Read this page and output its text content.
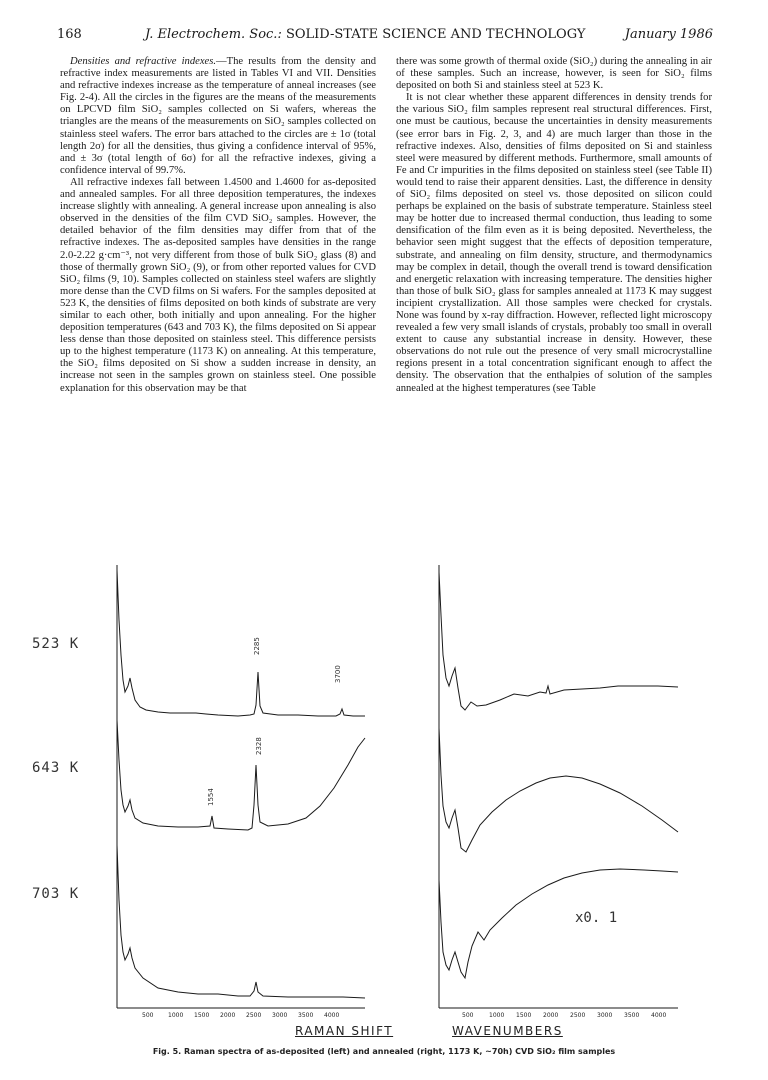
168	J. Electrochem. Soc.: SOLID-STATE SCIENCE AND TECHNOLOGY	January 1986

Densities and refractive indexes.—The results from the density and refractive index measurements are listed in Tables VI and VII. Densities and refractive indexes increase as the temperature of anneal increases (see Fig. 2-4). All the circles in the figures are the means of the measurements on LPCVD film SiO₂ samples collected on Si wafers, whereas the triangles are the means of the measurements on SiO₂ samples collected on stainless steel wafers. The error bars attached to the circles are ± 1σ (total length 2σ) for all the densities, thus giving a confidence interval of 95%, and ± 3σ (total length of 6σ) for all the refractive indexes, giving a confidence interval of 99.7%.

All refractive indexes fall between 1.4500 and 1.4600 for as-deposited and annealed samples. For all three deposition temperatures, the indexes increase slightly with annealing. A general increase upon annealing is also observed in the densities of the film CVD SiO₂ samples. However, the detailed behavior of the film densities may differ from that of the refractive indexes. The as-deposited samples have densities in the range 2.0-2.22 g·cm⁻³, not very different from those of bulk SiO₂ glass (8) and those of thermally grown SiO₂ (9), or from other reported values for CVD SiO₂ films (9, 10). Samples collected on stainless steel wafers are slightly more dense than the CVD films on Si wafers. For the samples deposited at 523 K, the densities of films deposited on both kinds of substrate are very similar to each other, both initially and upon annealing. For the higher deposition temperatures (643 and 703 K), the films deposited on Si appear less dense than those deposited on stainless steel. This difference persists up to the highest temperature (1173 K) on annealing. At this temperature, the SiO₂ films deposited on Si show a sudden increase in density, an increase not seen in the samples grown on stainless steel. One possible explanation for this observation may be that

there was some growth of thermal oxide (SiO₂) during the annealing in air of these samples. Such an increase, however, is seen for SiO₂ films deposited on both Si and stainless steel at 523 K.

It is not clear whether these apparent differences in density trends for the various SiO₂ film samples represent real structural differences. First, one must be cautious, because the uncertainties in density measurements (see error bars in Fig. 2, 3, and 4) are much larger than those in the refractive indexes. Also, densities of films deposited on Si and stainless steel were measured by different methods. Furthermore, small amounts of Fe and Cr impurities in the films deposited on stainless steel (see Table II) would tend to raise their apparent densities. Last, the difference in density of SiO₂ films deposited on steel vs. those deposited on silicon could perhaps be explained on the basis of substrate temperature. Stainless steel may be hotter due to increased thermal conduction, thus leading to some densification of the film even as it is being deposited. Nevertheless, the behavior seen might suggest that the effects of deposition temperature, substrate, and annealing on film density, structure, and thermodynamics may be complex in detail, though the overall trend is toward densification and energetic relaxation with increasing temperature. The densities higher than those of bulk SiO₂ glass for samples annealed at 1173 K may suggest incipient crystallization. All those samples were checked for crystals. None was found by x-ray diffraction. However, reflected light microscopy revealed a few very small islands of crystals, probably too small in overall extent to cause any substantial increase in density. However, these observations do not rule out the presence of very small microcrystalline regions present in a total concentration significant enough to affect the density. The observation that the enthalpies of solution of the samples annealed at the highest temperatures (see Table

523 K
643 K
703 K
2285
3700
2328
1554
x0. 1
500 1000 1500 2000 2500 3000 3500 4000	500	1000 1500 2000 2500 3000 3500 4000
RAMAN SHIFT	WAVENUMBERS
Fig. 5. Raman spectra of as-deposited (left) and annealed (right, 1173 K, ~70h) CVD SiO₂ film samples
